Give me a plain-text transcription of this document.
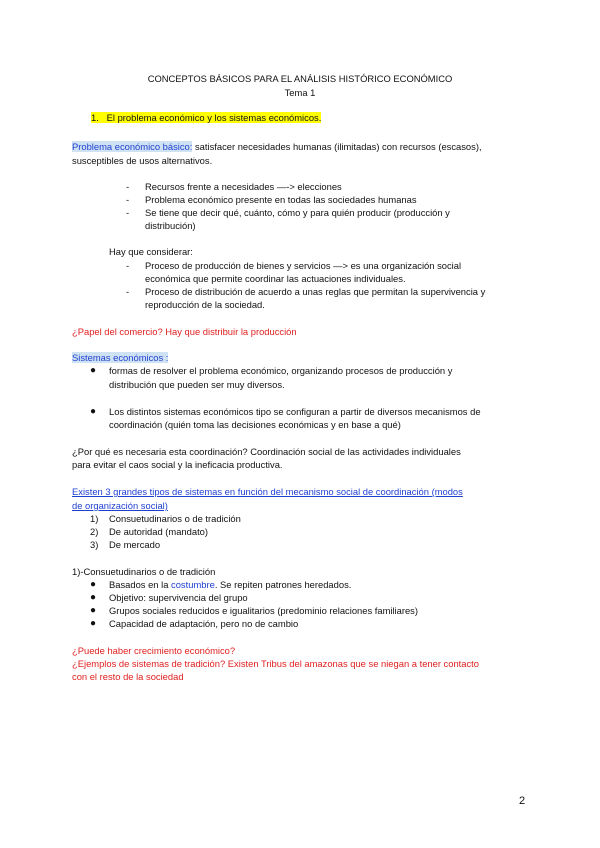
CONCEPTOS BÁSICOS PARA EL ANÁLISIS HISTÓRICO ECONÓMICO
Tema 1
1. El problema económico y los sistemas económicos.
Problema económico básico: satisfacer necesidades humanas (ilimitadas) con recursos (escasos),
susceptibles de usos alternativos.
- Recursos frente a necesidades —-> elecciones
- Problema económico presente en todas las sociedades humanas
- Se tiene que decir qué, cuánto, cómo y para quién producir (producción y
distribución)
Hay que considerar:
- Proceso de producción de bienes y servicios —> es una organización social
económica que permite coordinar las actuaciones individuales.
- Proceso de distribución de acuerdo a unas reglas que permitan la supervivencia y
reproducción de la sociedad.
¿Papel del comercio? Hay que distribuir la producción
Sistemas económicos :
● formas de resolver el problema económico, organizando procesos de producción y
distribución que pueden ser muy diversos.
● Los distintos sistemas económicos tipo se configuran a partir de diversos mecanismos de
coordinación (quién toma las decisiones económicas y en base a qué)
¿Por qué es necesaria esta coordinación? Coordinación social de las actividades individuales
para evitar el caos social y la ineficacia productiva.
Existen 3 grandes tipos de sistemas en función del mecanismo social de coordinación (modos
de organización social)
1) Consuetudinarios o de tradición
2) De autoridad (mandato)
3) De mercado
1)-Consuetudinarios o de tradición
● Basados en la costumbre. Se repiten patrones heredados.
● Objetivo: supervivencia del grupo
● Grupos sociales reducidos e igualitarios (predominio relaciones familiares)
● Capacidad de adaptación, pero no de cambio
¿Puede haber crecimiento económico?
¿Ejemplos de sistemas de tradición? Existen Tribus del amazonas que se niegan a tener contacto
con el resto de la sociedad
2
